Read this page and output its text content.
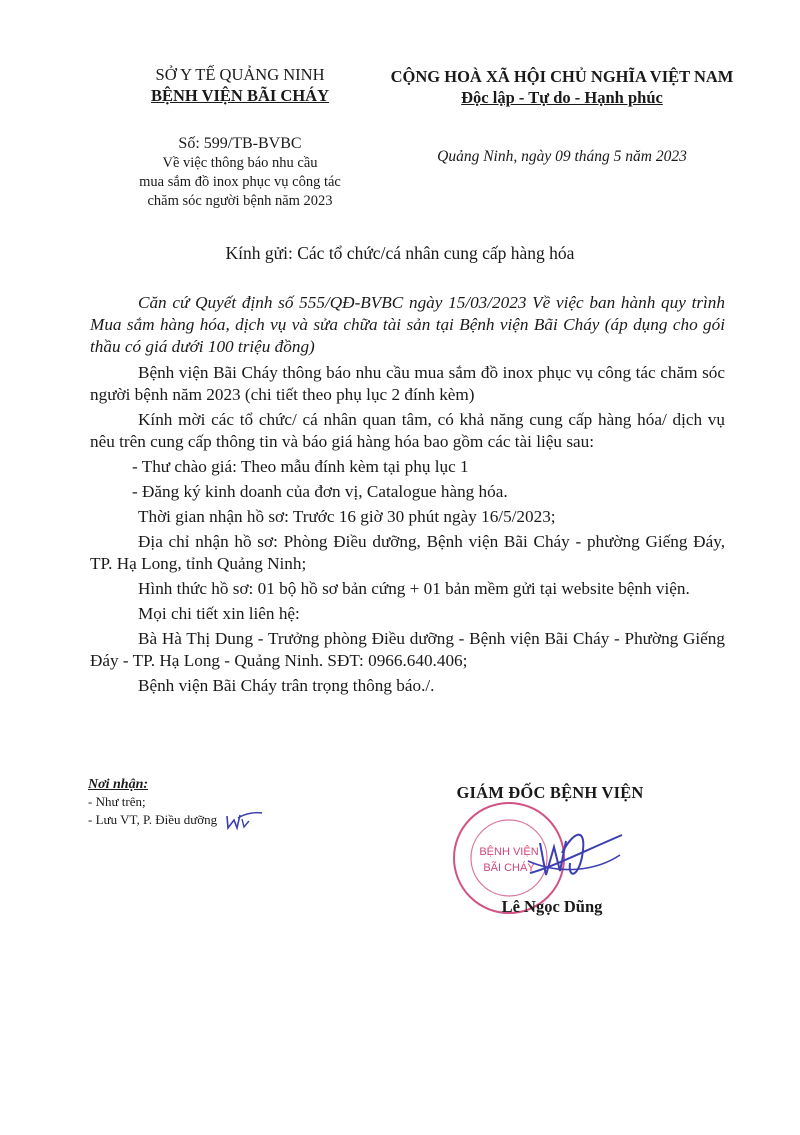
SỞ Y TẾ QUẢNG NINH
BỆNH VIỆN BÃI CHÁY
Số: 599/TB-BVBC
Về việc thông báo nhu cầu
mua sắm đồ inox phục vụ công tác
chăm sóc người bệnh năm 2023
CỘNG HOÀ XÃ HỘI CHỦ NGHĨA VIỆT NAM
Độc lập - Tự do - Hạnh phúc
Quảng Ninh, ngày 09 tháng 5 năm 2023
Kính gửi: Các tổ chức/cá nhân cung cấp hàng hóa

Căn cứ Quyết định số 555/QĐ-BVBC ngày 15/03/2023 Về việc ban hành quy trình Mua sắm hàng hóa, dịch vụ và sửa chữa tài sản tại Bệnh viện Bãi Cháy (áp dụng cho gói thầu có giá dưới 100 triệu đồng)

Bệnh viện Bãi Cháy thông báo nhu cầu mua sắm đồ inox phục vụ công tác chăm sóc người bệnh năm 2023 (chi tiết theo phụ lục 2 đính kèm)

Kính mời các tổ chức/ cá nhân quan tâm, có khả năng cung cấp hàng hóa/ dịch vụ nêu trên cung cấp thông tin và báo giá hàng hóa bao gồm các tài liệu sau:

- Thư chào giá: Theo mẫu đính kèm tại phụ lục 1

- Đăng ký kinh doanh của đơn vị, Catalogue hàng hóa.

Thời gian nhận hồ sơ: Trước 16 giờ 30 phút ngày 16/5/2023;

Địa chỉ nhận hồ sơ: Phòng Điều dưỡng, Bệnh viện Bãi Cháy - phường Giếng Đáy, TP. Hạ Long, tỉnh Quảng Ninh;

Hình thức hồ sơ: 01 bộ hồ sơ bản cứng + 01 bản mềm gửi tại website bệnh viện.

Mọi chi tiết xin liên hệ:

Bà Hà Thị Dung - Trưởng phòng Điều dưỡng - Bệnh viện Bãi Cháy - Phường Giếng Đáy - TP. Hạ Long - Quảng Ninh. SĐT: 0966.640.406;

Bệnh viện Bãi Cháy trân trọng thông báo./.

Nơi nhận:
- Như trên;
- Lưu VT, P. Điều dưỡng
GIÁM ĐỐC BỆNH VIỆN
BỆNH VIỆN
BÃI CHÁY
Lê Ngọc Dũng
